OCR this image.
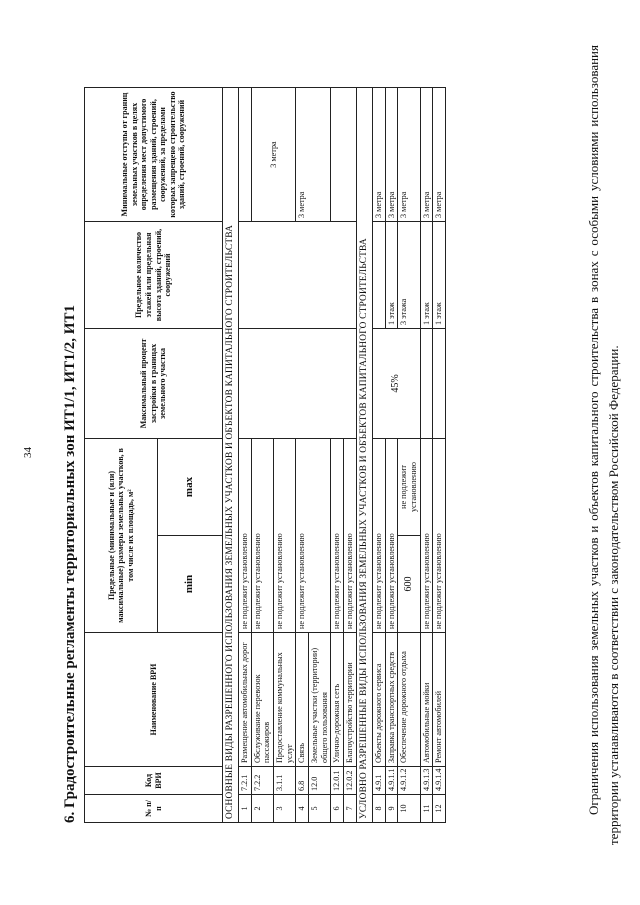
34 6. Градостроительные регламенты территориальных зон ИТ1/1, ИТ1/2, ИТ1	№ п/п	Код ВРИ	Наименование ВРИ	Предельные (минимальные и (или) максимальные) размеры земельных участков, в том числе их площадь, м²		Максимальный процент застройки в границах земельного участка	Предельное количество этажей или предельная высота зданий, строений, сооружений	Минимальные отступы от границ земельных участков в целях определения мест допустимого размещения зданий, строений, сооружений, за пределами которых запрещено строительство зданий, строений, сооружений
			min	max			
ОСНОВНЫЕ ВИДЫ РАЗРЕШЕННОГО ИСПОЛЬЗОВАНИЯ ЗЕМЕЛЬНЫХ УЧАСТКОВ И ОБЪЕКТОВ КАПИТАЛЬНОГО СТРОИТЕЛЬСТВА							
1	7.2.1	Размещение автомобильных дорог	не подлежит установлению				
2	7.2.2	Обслуживание перевозок пассажиров	не подлежит установлению				3 метра
3	3.1.1	Предоставление коммунальных услуг	не подлежит установлению				
4	6.8	Связь	не подлежит установлению				3 метра
5	12.0	Земельные участки (территории) общего пользования					
6	12.0.1	Улично-дорожная сеть	не подлежит установлению				
7	12.0.2	Благоустройство территории	не подлежит установлению				
УСЛОВНО РАЗРЕШЕННЫЕ ВИДЫ ИСПОЛЬЗОВАНИЯ ЗЕМЕЛЬНЫХ УЧАСТКОВ И ОБЪЕКТОВ КАПИТАЛЬНОГО СТРОИТЕЛЬСТВА							
8	4.9.1	Объекты дорожного сервиса	не подлежит установлению		45%		3 метра
9	4.9.1.1	Заправка транспортных средств	не подлежит установлению			1 этаж	3 метра
10	4.9.1.2	Обеспечение дорожного отдыха	600	не подлежит установлению		3 этажа	3 метра
11	4.9.1.3	Автомобильные мойки	не подлежит установлению			1 этаж	3 метра
12	4.9.1.4	Ремонт автомобилей	не подлежит установлению			1 этаж	3 метра	Ограничения использования земельных участков и объектов капитального строительства в зонах с особыми условиями использования территории устанавливаются в соответствии с законодательством Российской Федерации.
